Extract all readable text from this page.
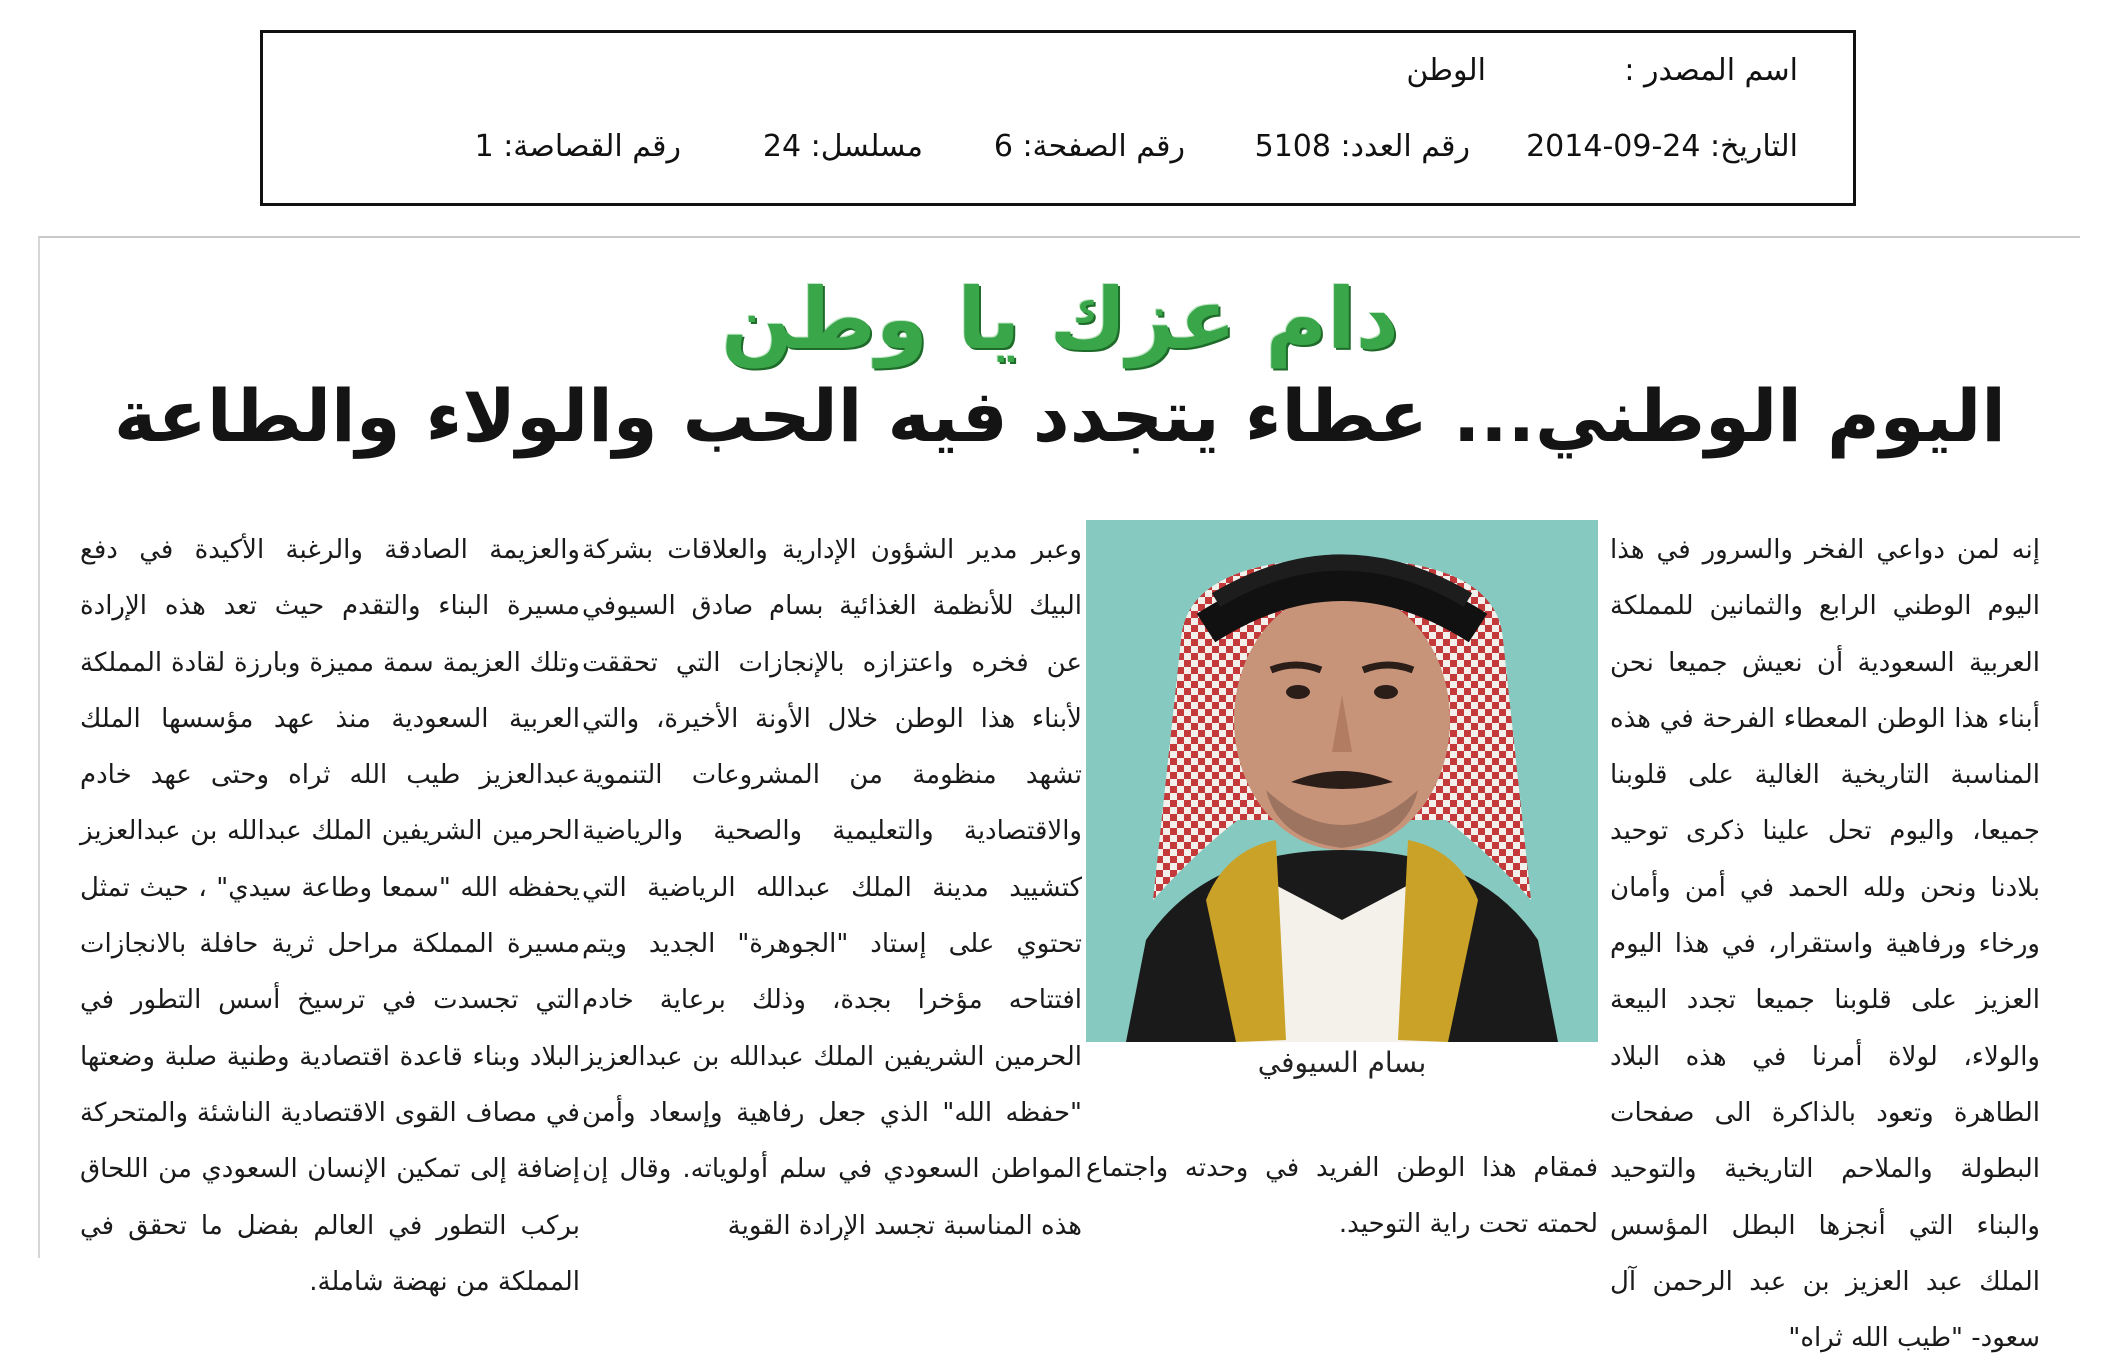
اسم المصدر :
الوطن
التاريخ: 24-09-2014
رقم العدد: 5108
رقم الصفحة: 6
مسلسل: 24
رقم القصاصة: 1
دام عزك يا وطن
اليوم الوطني... عطاء يتجدد فيه الحب والولاء والطاعة

إنه لمن دواعي الفخر والسرور في هذا اليوم الوطني الرابع والثمانين للمملكة العربية السعودية أن نعيش جميعا نحن أبناء هذا الوطن المعطاء الفرحة في هذه المناسبة التاريخية الغالية على قلوبنا جميعا، واليوم تحل علينا ذكرى توحيد بلادنا ونحن ولله الحمد في أمن وأمان ورخاء ورفاهية واستقرار، في هذا اليوم العزيز على قلوبنا جميعا تجدد البيعة والولاء، لولاة أمرنا في هذه البلاد الطاهرة وتعود بالذاكرة الى صفحات البطولة والملاحم التاريخية والتوحيد والبناء التي أنجزها البطل المؤسس الملك عبد العزيز بن عبد الرحمن آل سعود- "طيب الله ثراه"

بسام السيوفي

فمقام هذا الوطن الفريد في وحدته واجتماع لحمته تحت راية التوحيد.

وعبر مدير الشؤون الإدارية والعلاقات بشركة البيك للأنظمة الغذائية بسام صادق السيوفي عن فخره واعتزازه بالإنجازات التي تحققت لأبناء هذا الوطن خلال الأونة الأخيرة، والتي تشهد منظومة من المشروعات التنموية والاقتصادية والتعليمية والصحية والرياضية كتشييد مدينة الملك عبدالله الرياضية التي تحتوي على إستاد "الجوهرة" الجديد ويتم افتتاحه مؤخرا بجدة، وذلك برعاية خادم الحرمين الشريفين الملك عبدالله بن عبدالعزيز "حفظه الله" الذي جعل رفاهية وإسعاد وأمن المواطن السعودي في سلم أولوياته. وقال إن هذه المناسبة تجسد الإرادة القوية

والعزيمة الصادقة والرغبة الأكيدة في دفع مسيرة البناء والتقدم حيث تعد هذه الإرادة وتلك العزيمة سمة مميزة وبارزة لقادة المملكة العربية السعودية منذ عهد مؤسسها الملك عبدالعزيز طيب الله ثراه وحتى عهد خادم الحرمين الشريفين الملك عبدالله بن عبدالعزيز يحفظه الله "سمعا وطاعة سيدي" ، حيث تمثل مسيرة المملكة مراحل ثرية حافلة بالانجازات التي تجسدت في ترسيخ أسس التطور في البلاد وبناء قاعدة اقتصادية وطنية صلبة وضعتها في مصاف القوى الاقتصادية الناشئة والمتحركة إضافة إلى تمكين الإنسان السعودي من اللحاق بركب التطور في العالم بفضل ما تحقق في المملكة من نهضة شاملة.
